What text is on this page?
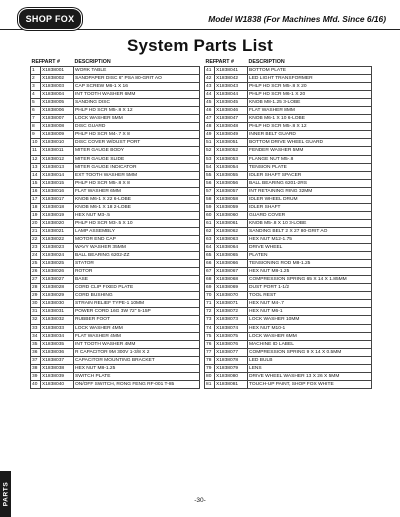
SHOP FOX	Model W1838 (For Machines Mfd. Since 6/16)
System Parts List
REF	PART #	DESCRIPTION
1	X1838001	WORK TABLE
2	X1838002	SANDPAPER DISC 6" PSA 80-GRIT AO
3	X1838003	CAP SCREW M6-1 X 16
4	X1838004	INT TOOTH WASHER 6MM
5	X1838005	SANDING DISC
6	X1838006	PHLP HD SCR M5-.8 X 12
7	X1838007	LOCK WASHER 5MM
8	X1838008	DISC GUARD
9	X1838009	PHLP HD SCR M4-.7 X 8
10	X1838010	DISC COVER W/DUST PORT
11	X1838011	MITER GAUGE BODY
12	X1838012	MITER GAUGE SLIDE
13	X1838013	MITER GAUGE INDICATOR
14	X1838014	EXT TOOTH WASHER 5MM
15	X1838015	PHLP HD SCR M5-.8 X 8
16	X1838016	FLAT WASHER 6MM
17	X1838017	KNOB M6-1 X 22 6-LOBE
18	X1838018	KNOB M6-1 X 18 2-LOBE
19	X1838019	HEX NUT M3-.5
20	X1838020	PHLP HD SCR M3-.5 X 10
21	X1838021	LAMP ASSEMBLY
22	X1838022	MOTOR END CAP
23	X1838023	WAVY WASHER 35MM
24	X1838024	BALL BEARING 6202-ZZ
25	X1838025	STATOR
26	X1838026	ROTOR
27	X1838027	BASE
28	X1838028	CORD CLIP FIXED PLATE
29	X1838029	CORD BUSHING
30	X1838030	STRAIN RELIEF TYPE-1 10MM
31	X1838031	POWER CORD 16G 3W 72" 5-15P
32	X1838032	RUBBER FOOT
33	X1838033	LOCK WASHER 4MM
34	X1838034	FLAT WASHER 4MM
35	X1838035	INT TOOTH WASHER 4MM
36	X1838036	R CAPACITOR 9M 300V 1-3/8 X 2
37	X1838037	CAPACITOR MOUNTING BRACKET
38	X1838038	HEX NUT M8-1.25
39	X1838039	SWITCH PLATE
40	X1838040	ON/OFF SWITCH, RONG FENG RF-001 T-85
REF	PART #	DESCRIPTION
41	X1838041	BOTTOM PLATE
42	X1838042	LED LIGHT TRANSFORMER
43	X1838043	PHLP HD SCR M5-.8 X 20
44	X1838044	PHLP HD SCR M6-1 X 20
45	X1838045	KNOB M8-1.25 3-LOBE
46	X1838046	FLAT WASHER 8MM
47	X1838047	KNOB M6-1 X 10 6-LOBE
48	X1838048	PHLP HD SCR M5-.8 X 12
49	X1838049	INNER BELT GUARD
51	X1838051	BOTTOM DRIVE WHEEL GUARD
52	X1838052	FENDER WASHER 5MM
53	X1838053	FLANGE NUT M5-.8
54	X1838054	TENSION PLATE
55	X1838055	IDLER SHAFT SPACER
56	X1838056	BALL BEARING 6201-2RS
57	X1838057	INT RETAINING RING 32MM
58	X1838058	IDLER WHEEL DRUM
59	X1838059	IDLER SHAFT
60	X1838060	GUARD COVER
61	X1838061	KNOB M5-.8 X 10 3-LOBE
62	X1838062	SANDING BELT 2 X 27 80-GRIT AO
63	X1838063	HEX NUT M12-1.75
64	X1838064	DRIVE WHEEL
65	X1838065	PLATEN
66	X1838066	TENSIONING ROD M8-1.25
67	X1838067	HEX NUT M8-1.25
68	X1838068	COMPRESSION SPRING 65 X 14 X 1.85MM
69	X1838069	DUST PORT 1-1/2
70	X1838070	TOOL REST
71	X1838071	HEX NUT M4-.7
72	X1838072	HEX NUT M6-1
73	X1838073	LOCK WASHER 10MM
74	X1838074	HEX NUT M10-1
75	X1838075	LOCK WASHER 6MM
76	X1838076	MACHINE ID LABEL
77	X1838077	COMPRESSION SPRING 9 X 14 X 0.5MM
78	X1838078	LED BULB
79	X1838079	LENS
80	X1838080	DRIVE WHEEL WASHER 13 X 26 X 5MM
81	X1838081	TOUCH-UP PAINT, SHOP FOX WHITE
PARTS	-30-
